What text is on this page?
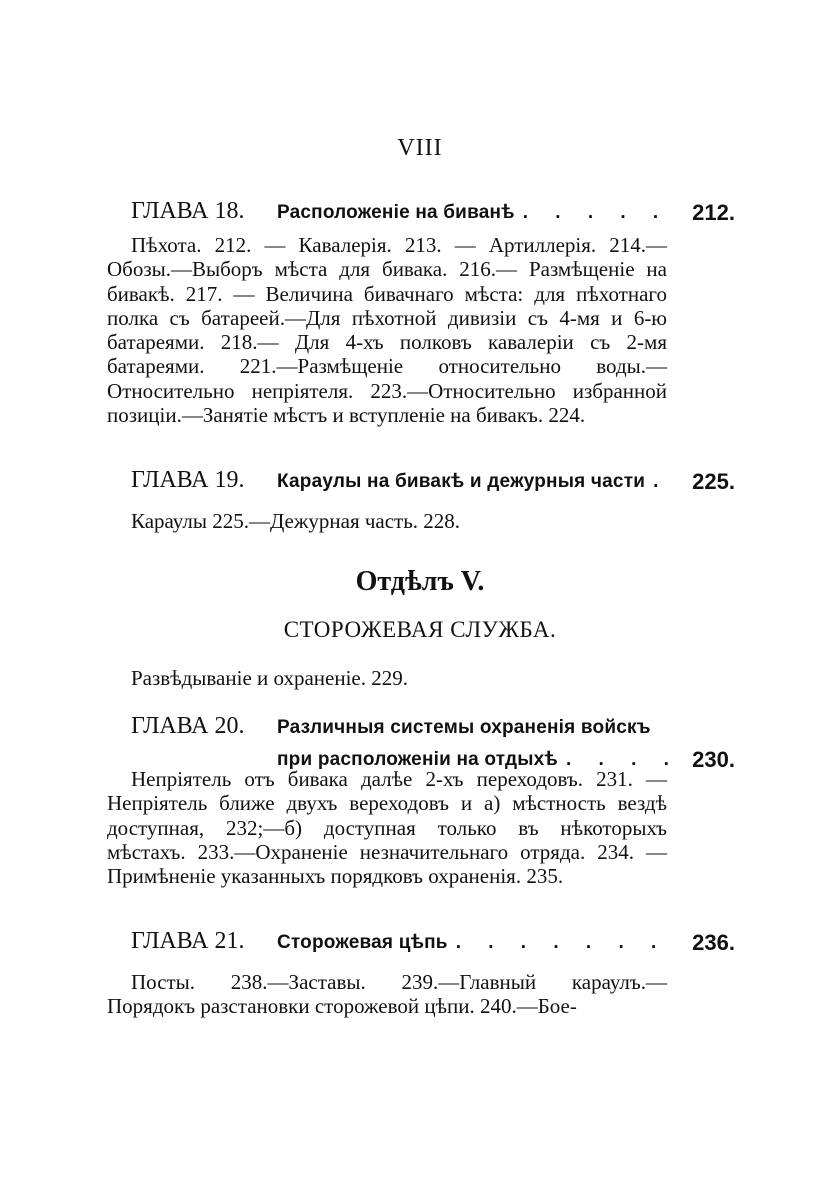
VIII
ГЛАВА 18. Расположеніе на биванѣ . . . . . 212.
Пѣхота. 212. — Кавалерія. 213. — Артиллерія. 214.—Обозы.—Выборъ мѣста для бивака. 216.— Размѣщеніе на бивакѣ. 217. — Величина бивачнаго мѣста: для пѣхотнаго полка съ батареей.—Для пѣхотной дивизіи съ 4-мя и 6-ю батареями. 218.— Для 4-хъ полковъ кавалеріи съ 2-мя батареями. 221.—Размѣщеніе относительно воды.—Относительно непріятеля. 223.—Относительно избранной позиціи.—Занятіе мѣстъ и вступленіе на бивакъ. 224.
ГЛАВА 19. Караулы на бивакѣ и дежурныя части . 225.
Караулы 225.—Дежурная часть. 228.
Отдѣлъ V.
СТОРОЖЕВАЯ СЛУЖБА.
Развѣдываніе и охраненіе. 229.
ГЛАВА 20. Различныя системы охраненія войскъ
при расположеніи на отдыхѣ . . . . 230.
Непріятель отъ бивака далѣе 2-хъ переходовъ. 231. — Непріятель ближе двухъ вереходовъ и а) мѣстность вездѣ доступная, 232;—б) доступная только въ нѣкоторыхъ мѣстахъ. 233.—Охраненіе незначительнаго отряда. 234. — Примѣненіе указанныхъ порядковъ охраненія. 235.
ГЛАВА 21. Сторожевая цѣпь . . . . . . . 236.
Посты. 238.—Заставы. 239.—Главный караулъ.— Порядокъ разстановки сторожевой цѣпи. 240.—Бое-
